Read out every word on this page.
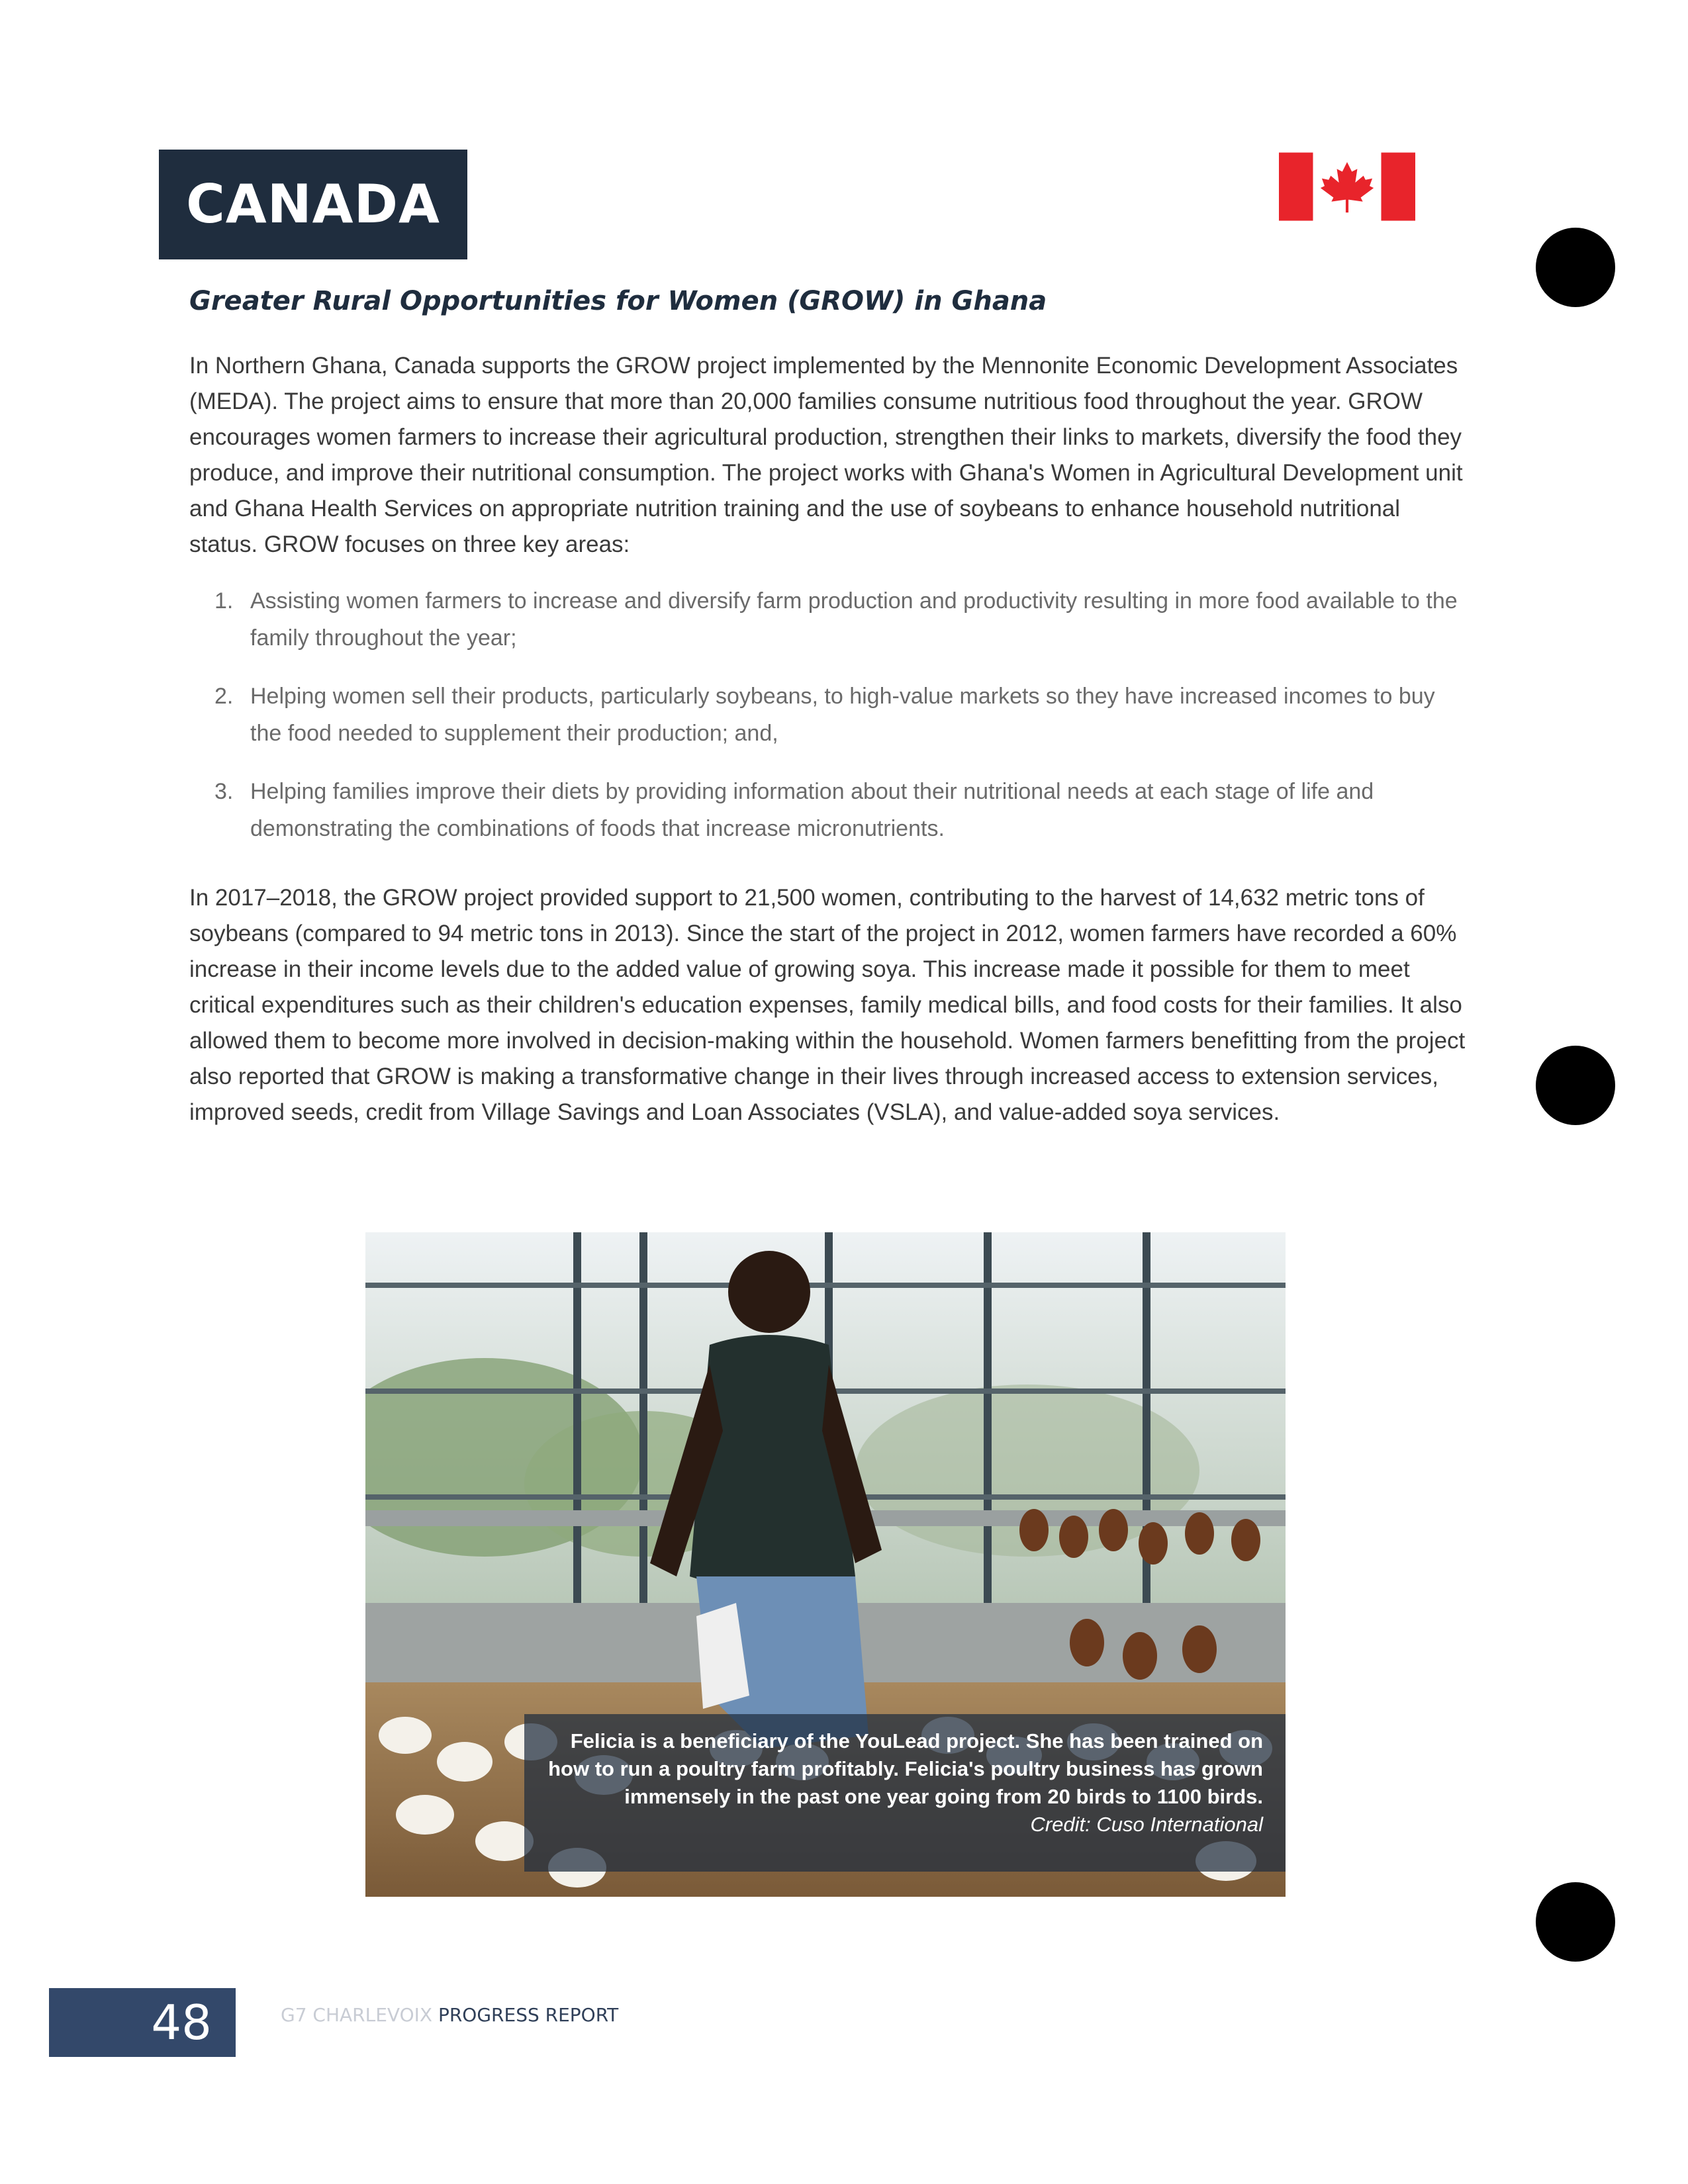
CANADA
Greater Rural Opportunities for Women (GROW) in Ghana

In Northern Ghana, Canada supports the GROW project implemented by the Mennonite Economic Development Associates (MEDA). The project aims to ensure that more than 20,000 families consume nutritious food throughout the year. GROW encourages women farmers to increase their agricultural production, strengthen their links to markets, diversify the food they produce, and improve their nutritional consumption. The project works with Ghana's Women in Agricultural Development unit and Ghana Health Services on appropriate nutrition training and the use of soybeans to enhance household nutritional status. GROW focuses on three key areas:

1. Assisting women farmers to increase and diversify farm production and productivity resulting in more food available to the family throughout the year;
2. Helping women sell their products, particularly soybeans, to high-value markets so they have increased incomes to buy the food needed to supplement their production; and,
3. Helping families improve their diets by providing information about their nutritional needs at each stage of life and demonstrating the combinations of foods that increase micronutrients.

In 2017–2018, the GROW project provided support to 21,500 women, contributing to the harvest of 14,632 metric tons of soybeans (compared to 94 metric tons in 2013). Since the start of the project in 2012, women farmers have recorded a 60% increase in their income levels due to the added value of growing soya. This increase made it possible for them to meet critical expenditures such as their children's education expenses, family medical bills, and food costs for their families. It also allowed them to become more involved in decision-making within the household. Women farmers benefitting from the project also reported that GROW is making a transformative change in their lives through increased access to extension services, improved seeds, credit from Village Savings and Loan Associates (VSLA), and value-added soya services.

Felicia is a beneficiary of the YouLead project. She has been trained on how to run a poultry farm profitably. Felicia's poultry business has grown immensely in the past one year going from 20 birds to 1100 birds.
Credit: Cuso International
48	G7 CHARLEVOIX PROGRESS REPORT
